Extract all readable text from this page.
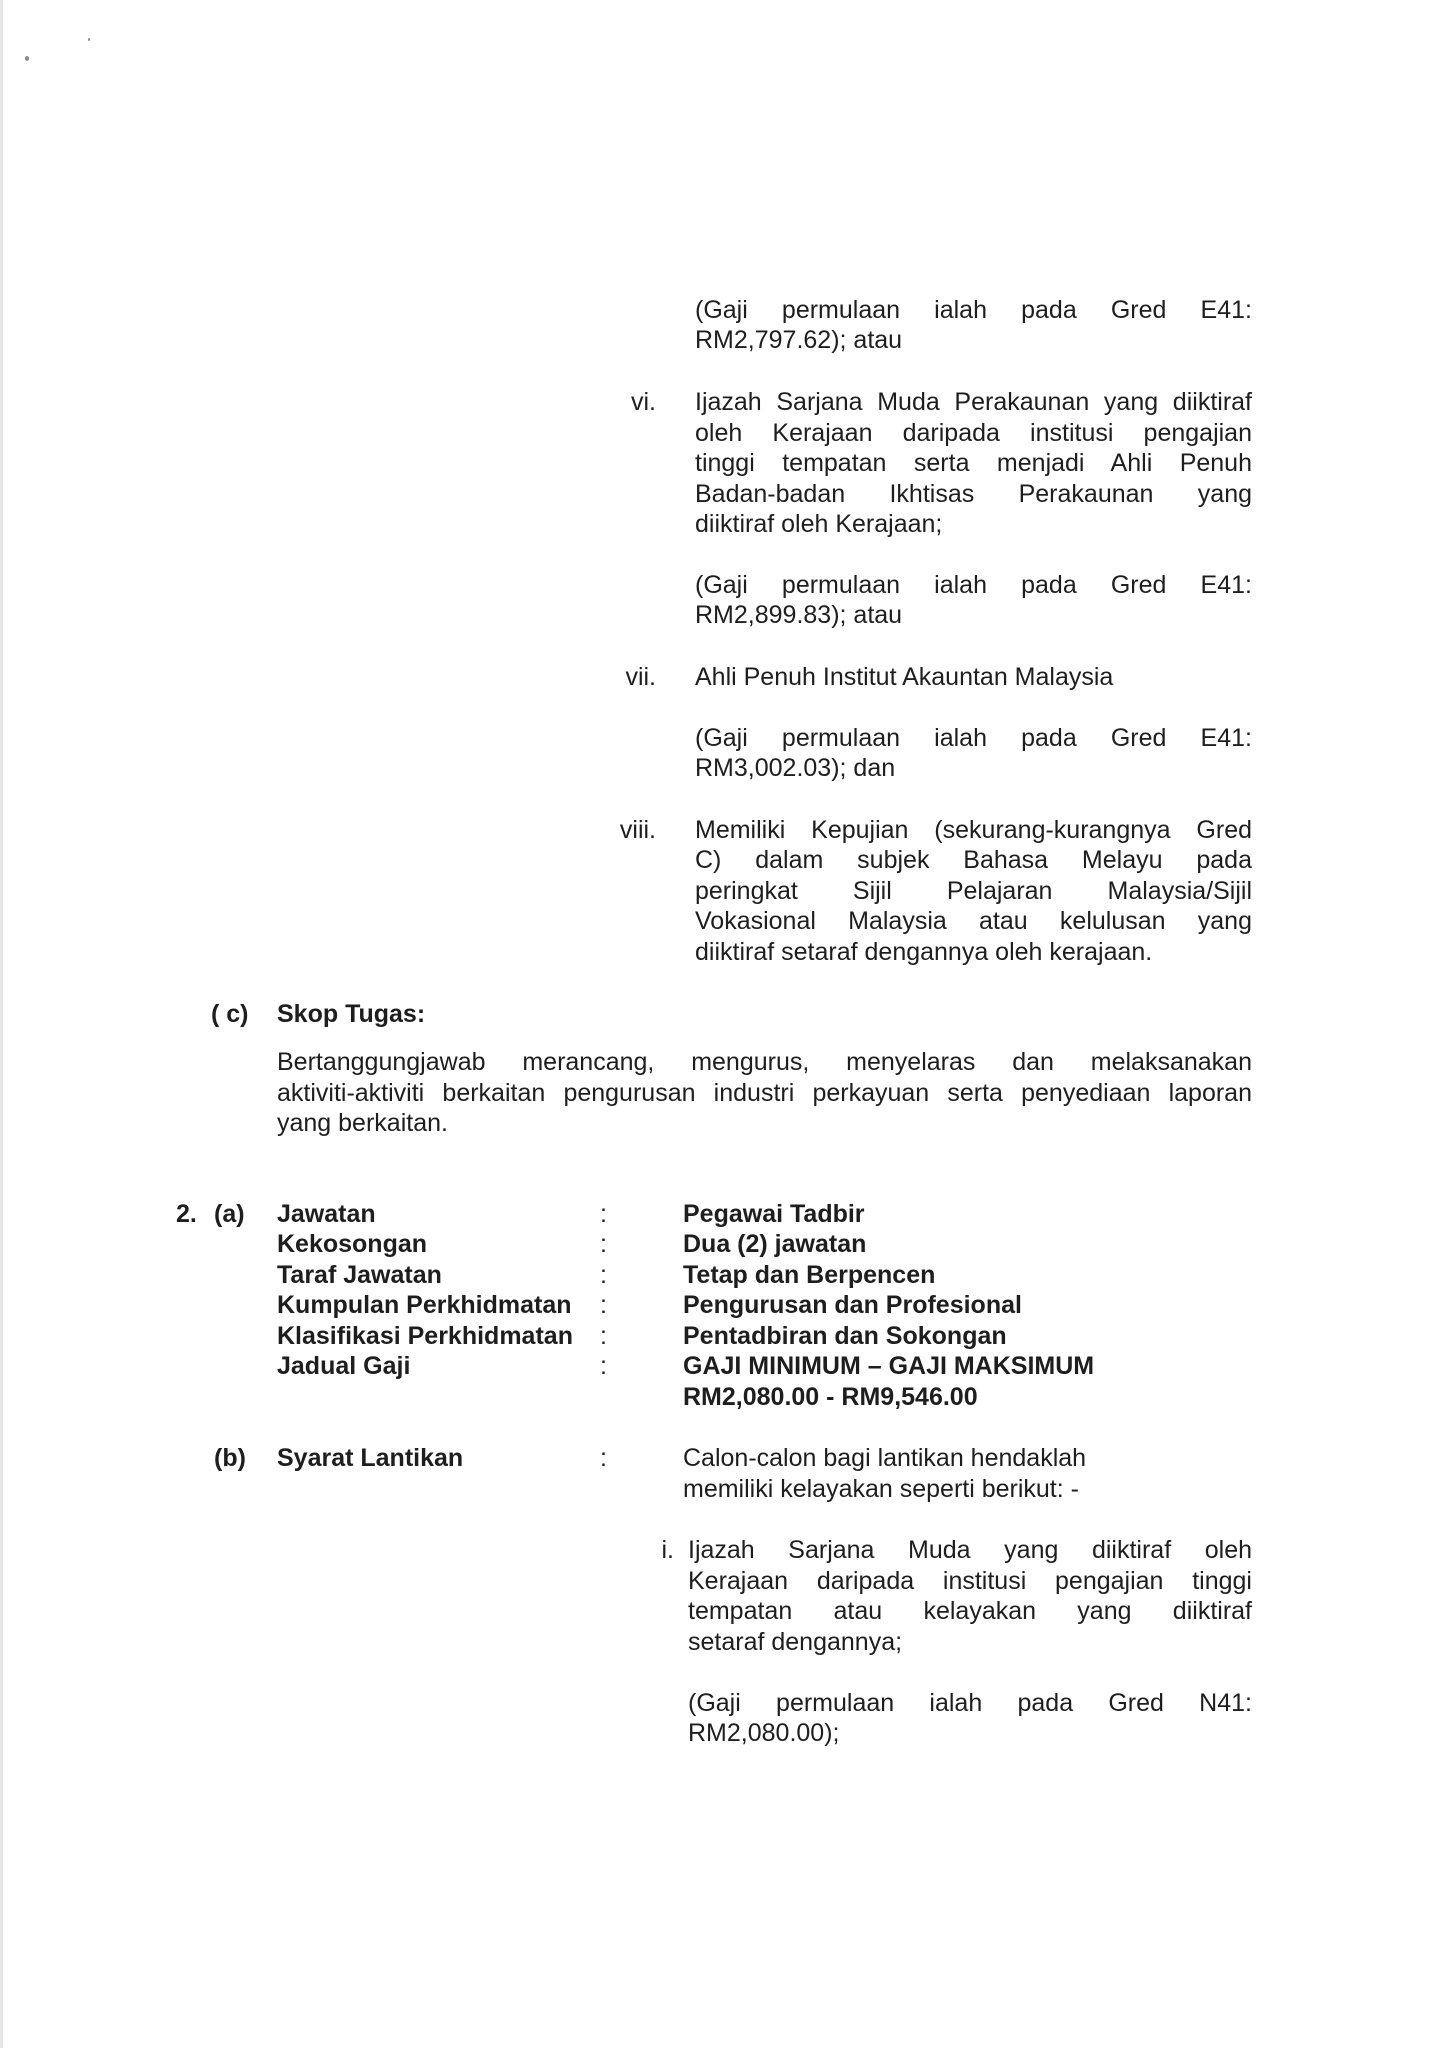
(Gaji permulaan ialah pada Gred E41:
RM2,797.62); atau
vi. Ijazah Sarjana Muda Perakaunan yang diiktiraf
oleh Kerajaan daripada institusi pengajian
tinggi tempatan serta menjadi Ahli Penuh
Badan-badan Ikhtisas Perakaunan yang
diiktiraf oleh Kerajaan;
(Gaji permulaan ialah pada Gred E41:
RM2,899.83); atau
vii. Ahli Penuh Institut Akauntan Malaysia
(Gaji permulaan ialah pada Gred E41:
RM3,002.03); dan
viii. Memiliki Kepujian (sekurang-kurangnya Gred
C) dalam subjek Bahasa Melayu pada
peringkat Sijil Pelajaran Malaysia/Sijil
Vokasional Malaysia atau kelulusan yang
diiktiraf setaraf dengannya oleh kerajaan.
( c) Skop Tugas:
Bertanggungjawab merancang, mengurus, menyelaras dan melaksanakan
aktiviti-aktiviti berkaitan pengurusan industri perkayuan serta penyediaan laporan
yang berkaitan.
2. (a) Jawatan	:	Pegawai Tadbir
Kekosongan	:	Dua (2) jawatan
Taraf Jawatan	:	Tetap dan Berpencen
Kumpulan Perkhidmatan :	Pengurusan dan Profesional
Klasifikasi Perkhidmatan :	Pentadbiran dan Sokongan
Jadual Gaji	:	GAJI MINIMUM – GAJI MAKSIMUM
RM2,080.00 - RM9,546.00
(b) Syarat Lantikan	:	Calon-calon bagi lantikan hendaklah
memiliki kelayakan seperti berikut: -
i. Ijazah Sarjana Muda yang diiktiraf oleh
Kerajaan daripada institusi pengajian tinggi
tempatan atau kelayakan yang diiktiraf
setaraf dengannya;
(Gaji permulaan ialah pada Gred N41:
RM2,080.00);
